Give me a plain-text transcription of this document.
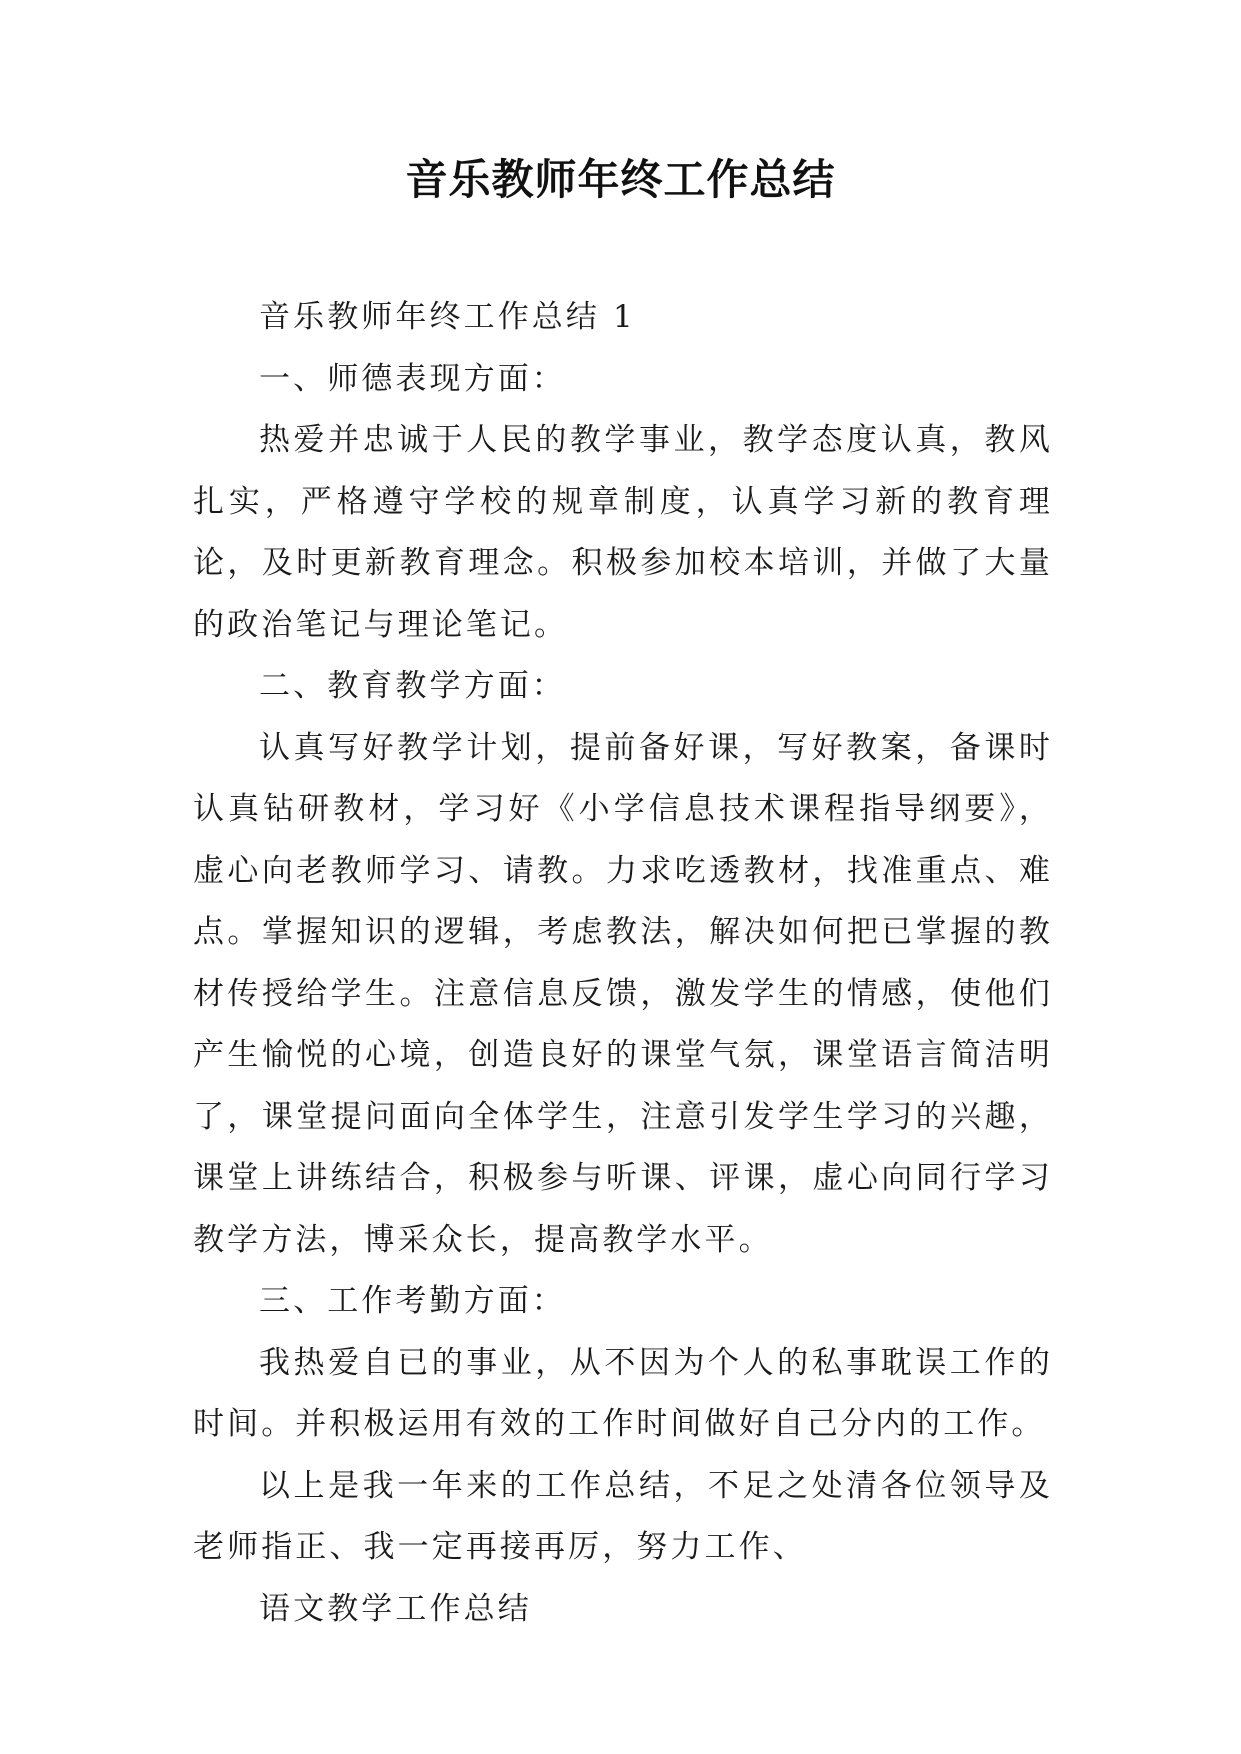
音乐教师年终工作总结

音乐教师年终工作总结 1

一、师德表现方面：

热爱并忠诚于人民的教学事业，教学态度认真，教风扎实，严格遵守学校的规章制度，认真学习新的教育理论，及时更新教育理念。积极参加校本培训，并做了大量的政治笔记与理论笔记。

二、教育教学方面：

认真写好教学计划，提前备好课，写好教案，备课时认真钻研教材，学习好《小学信息技术课程指导纲要》，虚心向老教师学习、请教。力求吃透教材，找准重点、难点。掌握知识的逻辑，考虑教法，解决如何把已掌握的教材传授给学生。注意信息反馈，激发学生的情感，使他们产生愉悦的心境，创造良好的课堂气氛，课堂语言简洁明了，课堂提问面向全体学生，注意引发学生学习的兴趣，课堂上讲练结合，积极参与听课、评课，虚心向同行学习教学方法，博采众长，提高教学水平。

三、工作考勤方面：

我热爱自已的事业，从不因为个人的私事耽误工作的时间。并积极运用有效的工作时间做好自己分内的工作。

以上是我一年来的工作总结，不足之处清各位领导及老师指正、我一定再接再厉，努力工作、

语文教学工作总结
